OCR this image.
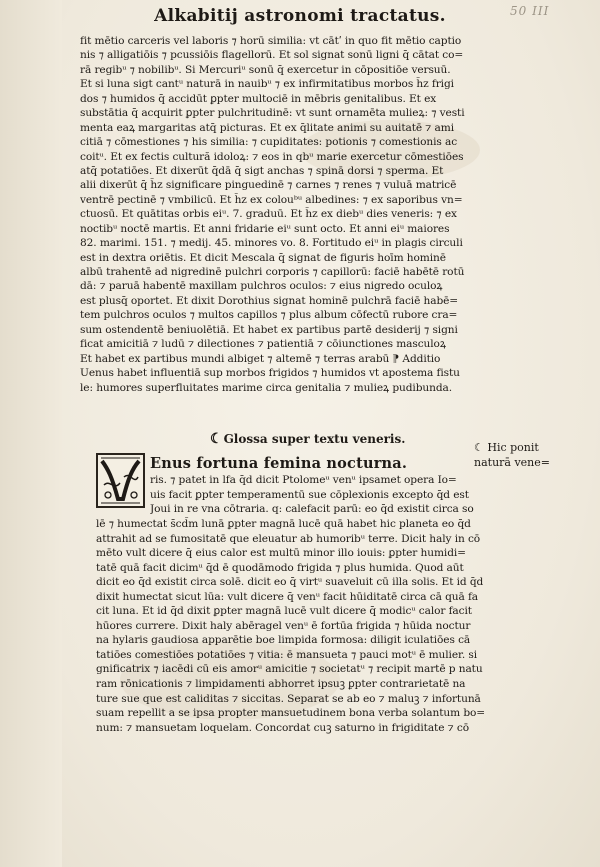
50 III
Alkabitij astronomi tractatus.
fit mētio carceris vel laboris ⁊ horū similia: vt cātʹ in quo fit mētio captio
nis ⁊ alligatiōis ⁊ pcussiōis flagellorū. Et sol signat sonū ligni q̄ cātat co=
rā regibᵘ ⁊ nobilibᵘ. Si Mercuriᵘ sonū q̄ exercetur in cōpositiōe versuū.
Et si luna sigt cantᵘ naturā in nauibᵘ ⁊ ex infirmitatibus morbos h̄z frigi
dos ⁊ humidos q̄ accidūt ꝑpter multociē in mēbris genitalibus. Et ex
substātia q̄ acquirit ꝑpter pulchritudinē: vt sunt ornamēta mulieꝝ: ⁊ vesti
menta eaꝝ margaritas atq̄ picturas. Et ex q̄litate animi su auitatē ⁊ ami
citiā ⁊ cōmestiones ⁊ his similia: ⁊ cupiditates: potionis ⁊ comestionis ac
coitᵘ. Et ex fectis cultură idoloꝝ: ⁊ eos in qbᵘ marie exercetur cōmestiōes
atq̄ potatiōes. Et dixerūt q̄dā q̄ sigt anchas ⁊ spinā dorsi ⁊ sperma. Et
alii dixerūt q̄ h̄z significare pinguedinē ⁊ carnes ⁊ renes ⁊ vuluā matricē
ventrē pectinē ⁊ vmbilicū. Et h̄z ex colouᵇᵘ albedines: ⁊ ex saporibus vn=
ctuosū. Et quātitas orbis eiᵘ. 7. graduū. Et h̄z ex diebᵘ dies veneris: ⁊ ex
noctibᵘ noctē martis. Et anni fridarie eiᵘ sunt octo. Et anni eiᵘ maiores
82. marimi. 151. ⁊ medij. 45. minores vo. 8. Fortitudo eiᵘ in plagis circuli
est in dextra oriētis. Et dicit Mescala q̄ signat de figuris hoīm hominē
albū trahentē ad nigredinē pulchri corporis ⁊ capillorū: faciē habētē rotū
dā: ⁊ paruā habentē maxillam pulchros oculos: ⁊ eius nigredo oculoꝝ
est plusq̄ oportet. Et dixit Dorothius signat hominē pulchrā faciē habē=
tem pulchros oculos ⁊ multos capillos ⁊ plus album cōfectū rubore cra=
sum ostendentē beniuolētiā. Et habet ex partibus partē desiderij ⁊ signi
ficat amicitiā ⁊ ludū ⁊ dilectiones ⁊ patientiā ⁊ cōiunctiones masculoꝝ
Et habet ex partibus mundi albiget ⁊ altemē ⁊ terras arabū ⁋ Additio
Uenus habet influentiā sup morbos frigidos ⁊ humidos vt apostema fistu
le: humores superfluitates marime circa genitalia ⁊ mulieꝝ pudibunda.
☾Glossa super textu veneris.
☾ Hic ponit
naturā vene=
Enus fortuna femina nocturna.
ris. ⁊ patet in lfa q̄d dicit Ptolomeᵘ venᵘ ipsamet opera Io=
uis facit ꝑpter temperamentū sue cōplexionis excepto q̄d est
Joui in re vna cōtraria. q: calefacit parū: eo q̄d existit circa so
lē ⁊ humectat s̄cd̄m lunā ꝑpter magnā lucē quā habet hic planeta eo q̄d
attrahit ad se fumositatē que eleuatur ab humoribᵘ terre. Dicit haly in cō
mēto vult dicere q̄ eius calor est multū minor illo iouis: ꝑpter humidi=
tatē quā facit dicimᵘ q̄d ē quodāmodo frigida ⁊ plus humida. Quod aūt
dicit eo q̄d existit circa solē. dicit eo q̄ virtᵘ suaveluit cū illa solis. Et id q̄d
dixit humectat sicut lūa: vult dicere q̄ venᵘ facit hūiditatē circa cā quā fa
cit luna. Et id q̄d dixit ꝑpter magnā lucē vult dicere q̄ modicᵘ calor facit
hūores currere. Dixit haly abēragel venᵘ ē fortūa frigida ⁊ hūida noctur
na hylaris gaudiosa apparētie boe limpida formosa: diligit iculatiōes cā
tatiōes comestiōes potatiōes ⁊ vitia: ē mansueta ⁊ pauci motᵘ ē mulier. si
gnificatrix ⁊ iacēdi cū eis amorᵘ amicitie ⁊ societatᵘ ⁊ recipit martē p natu
ram rōnicationis ⁊ limpidamenti abhorret ipsuꝫ ꝑpter contrarietatē na
ture sue que est caliditas ⁊ siccitas. Separat se ab eo ⁊ maluꝫ ⁊ infortunā
suam repellit a se ipsa propter mansuetudinem bona verba solantum bo=
num: ⁊ mansuetam loquelam. Concordat cuꝫ saturno in frigiditate ⁊ cō
